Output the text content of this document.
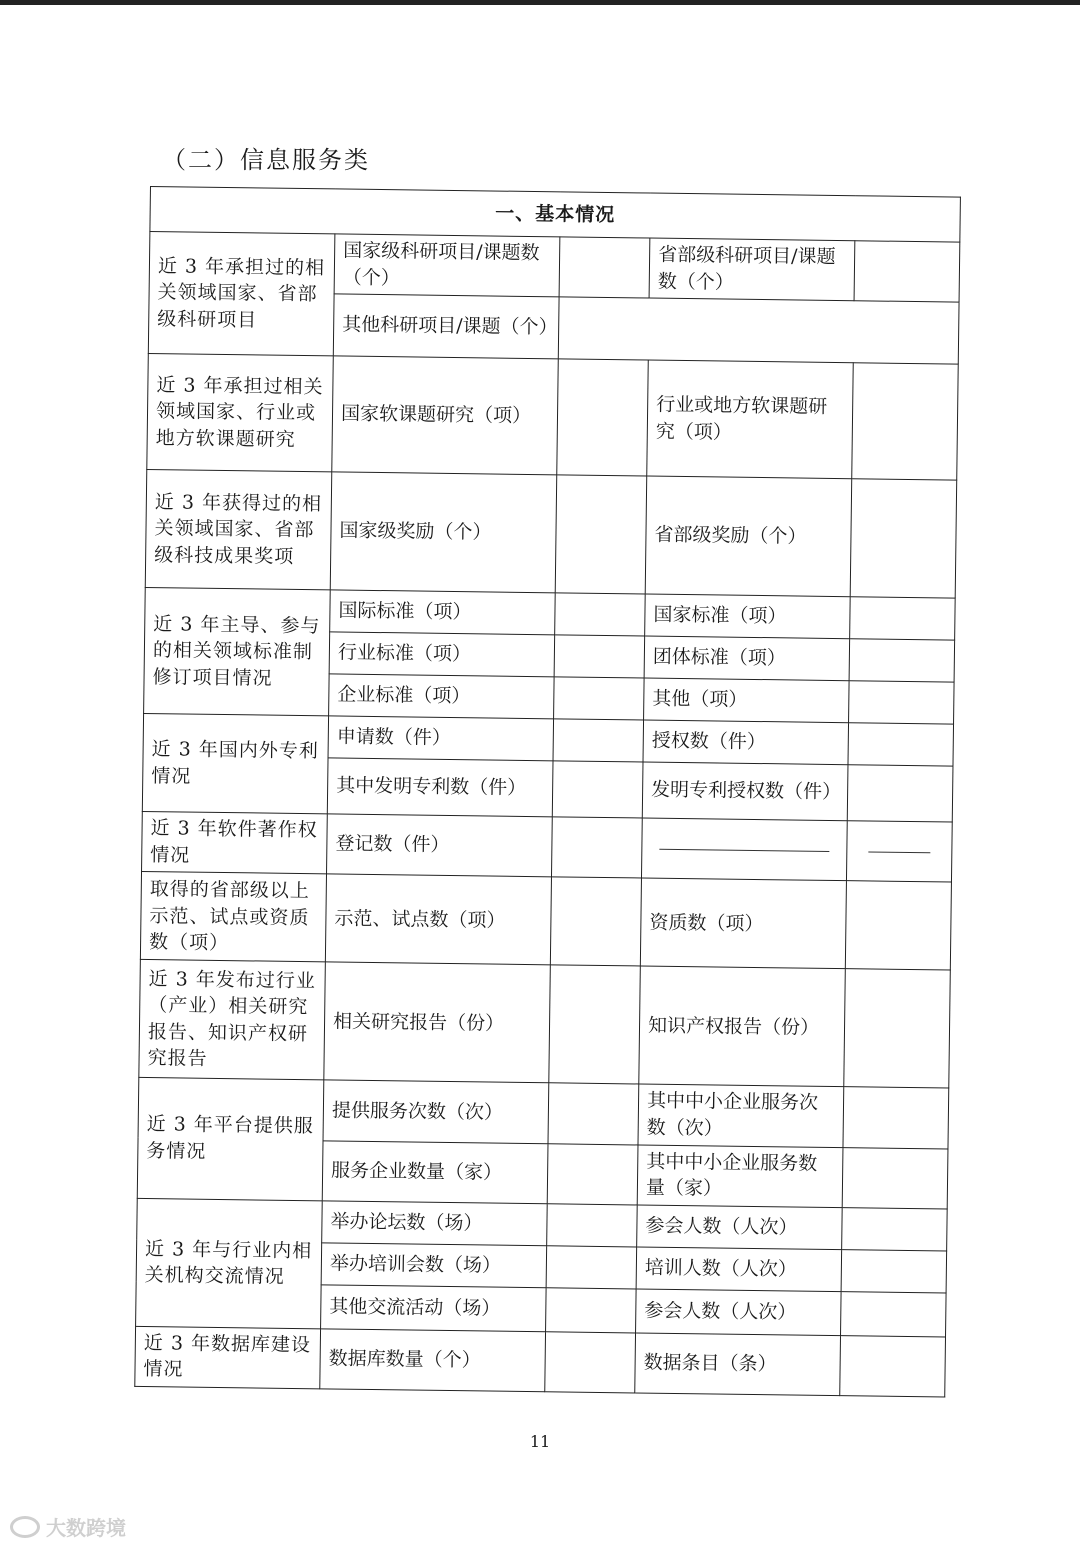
（二）信息服务类
一、基本情况				
近 3 年承担过的相关领域国家、省部级科研项目	国家级科研项目/课题数（个）		省部级科研项目/课题数（个）	
	其他科研项目/课题（个）			
近 3 年承担过相关领域国家、行业或地方软课题研究	国家软课题研究（项）		行业或地方软课题研究（项）	
近 3 年获得过的相关领域国家、省部级科技成果奖项	国家级奖励（个）		省部级奖励（个）	
近 3 年主导、参与的相关领域标准制修订项目情况	国际标准（项）		国家标准（项）	
	行业标准（项）		团体标准（项）	
	企业标准（项）		其他（项）	
近 3 年国内外专利情况	申请数（件）		授权数（件）	
	其中发明专利数（件）		发明专利授权数（件）	
近 3 年软件著作权情况	登记数（件）			
取得的省部级以上示范、试点或资质数（项）	示范、试点数（项）		资质数（项）	
近 3 年发布过行业（产业）相关研究报告、知识产权研究报告	相关研究报告（份）		知识产权报告（份）	
近 3 年平台提供服务情况	提供服务次数（次）		其中中小企业服务次数（次）	
	服务企业数量（家）		其中中小企业服务数量（家）	
近 3 年与行业内相关机构交流情况	举办论坛数（场）		参会人数（人次）	
	举办培训会数（场）		培训人数（人次）	
	其他交流活动（场）		参会人数（人次）	
近 3 年数据库建设情况	数据库数量（个）		数据条目（条）	
11
大数跨境
